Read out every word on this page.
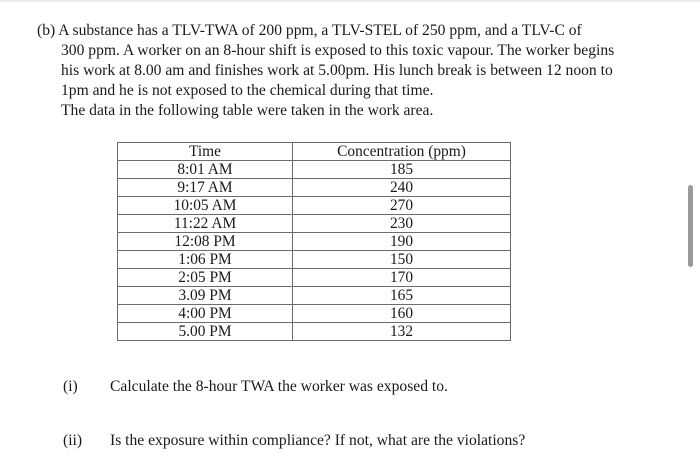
(b) A substance has a TLV-TWA of 200 ppm, a TLV-STEL of 250 ppm, and a TLV-C of
300 ppm. A worker on an 8-hour shift is exposed to this toxic vapour. The worker begins
his work at 8.00 am and finishes work at 5.00pm. His lunch break is between 12 noon to
1pm and he is not exposed to the chemical during that time.
The data in the following table were taken in the work area.
Time	Concentration (ppm)
8:01 AM	185
9:17 AM	240
10:05 AM	270
11:22 AM	230
12:08 PM	190
1:06 PM	150
2:05 PM	170
3.09 PM	165
4:00 PM	160
5.00 PM	132
(i) Calculate the 8-hour TWA the worker was exposed to.
(ii) Is the exposure within compliance? If not, what are the violations?
